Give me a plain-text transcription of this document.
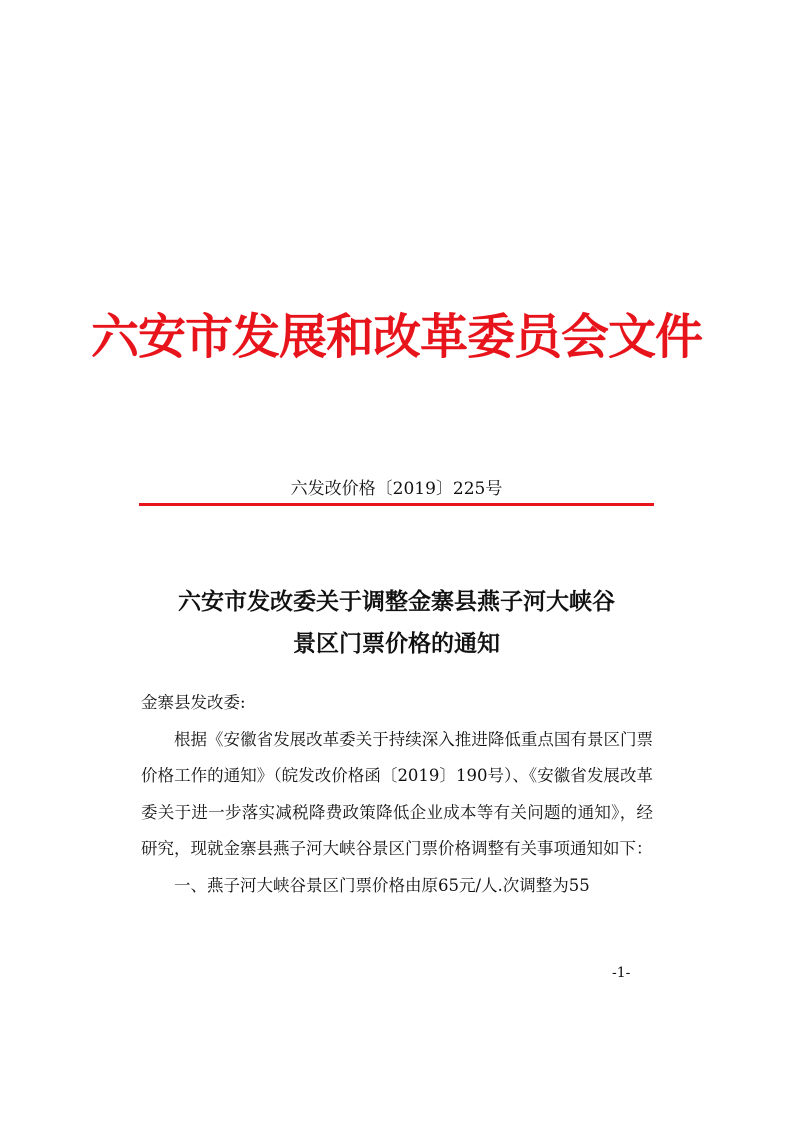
六安市发展和改革委员会文件
六发改价格〔2019〕225号
六安市发改委关于调整金寨县燕子河大峡谷
景区门票价格的通知

金寨县发改委:

根据《安徽省发展改革委关于持续深入推进降低重点国有景区门票价格工作的通知》（皖发改价格函〔2019〕190号）、《安徽省发展改革委关于进一步落实减税降费政策降低企业成本等有关问题的通知》，经研究，现就金寨县燕子河大峡谷景区门票价格调整有关事项通知如下：

一、燕子河大峡谷景区门票价格由原65元/人.次调整为55

-1-
